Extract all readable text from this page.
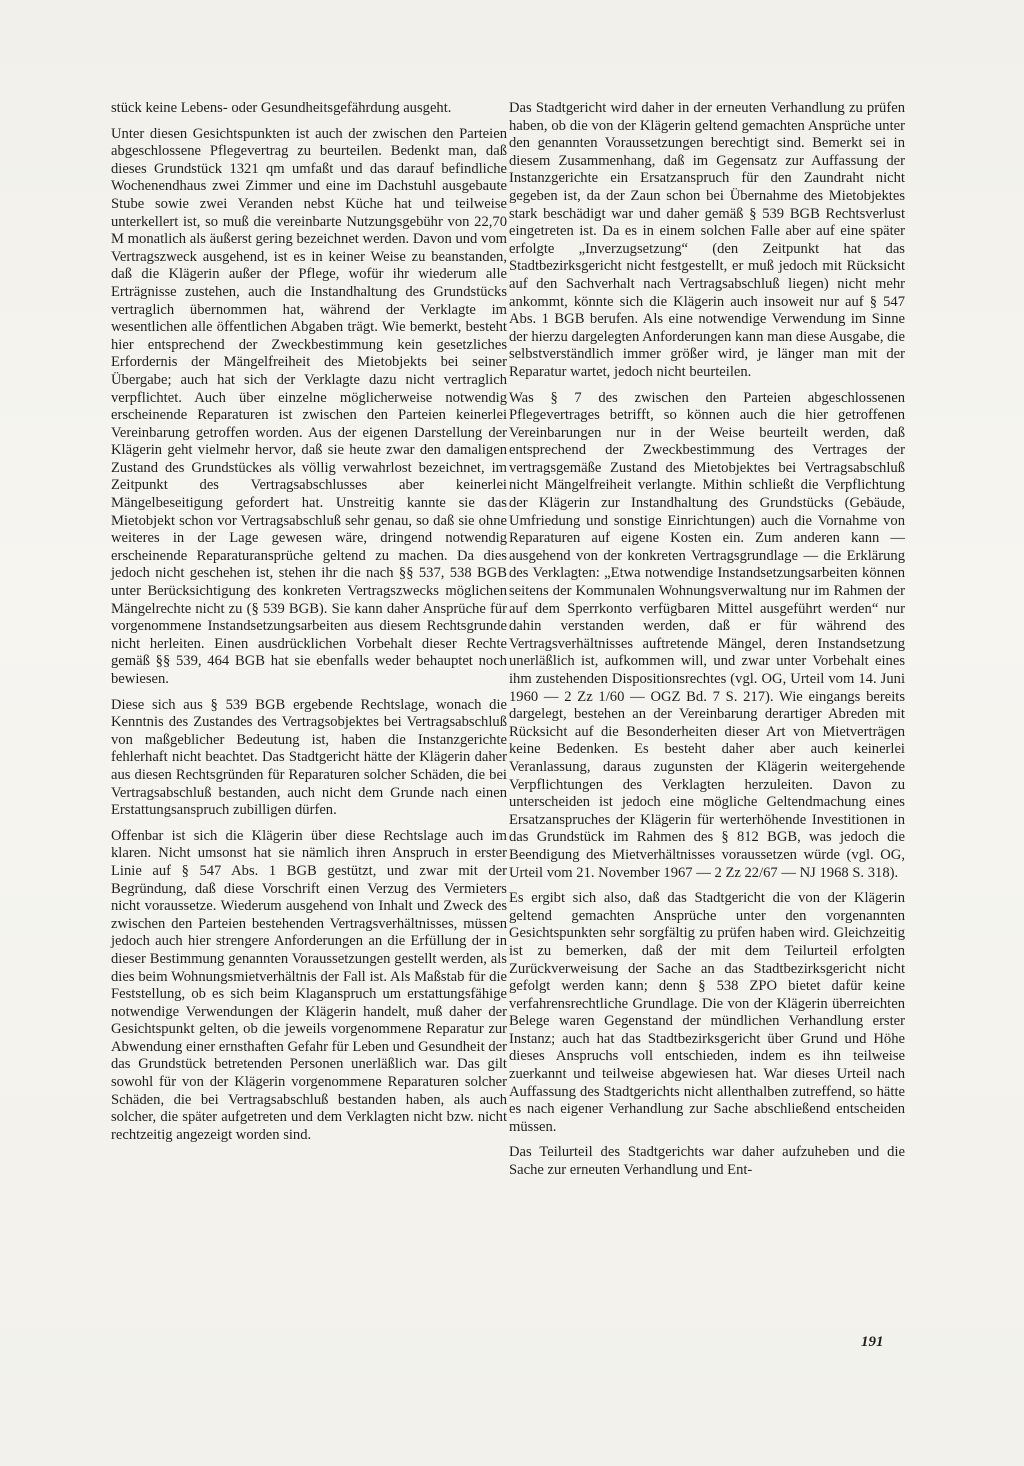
stück keine Lebens- oder Gesundheitsgefährdung ausgeht.

Unter diesen Gesichtspunkten ist auch der zwischen den Parteien abgeschlossene Pflegevertrag zu beurteilen. Bedenkt man, daß dieses Grundstück 1321 qm umfaßt und das darauf befindliche Wochenendhaus zwei Zimmer und eine im Dachstuhl ausgebaute Stube sowie zwei Veranden nebst Küche hat und teilweise unterkellert ist, so muß die vereinbarte Nutzungsgebühr von 22,70 M monatlich als äußerst gering bezeichnet werden. Davon und vom Vertragszweck ausgehend, ist es in keiner Weise zu beanstanden, daß die Klägerin außer der Pflege, wofür ihr wiederum alle Erträgnisse zustehen, auch die Instandhaltung des Grundstücks vertraglich übernommen hat, während der Verklagte im wesentlichen alle öffentlichen Abgaben trägt. Wie bemerkt, besteht hier entsprechend der Zweckbestimmung kein gesetzliches Erfordernis der Mängelfreiheit des Mietobjekts bei seiner Übergabe; auch hat sich der Verklagte dazu nicht vertraglich verpflichtet. Auch über einzelne möglicherweise notwendig erscheinende Reparaturen ist zwischen den Parteien keinerlei Vereinbarung getroffen worden. Aus der eigenen Darstellung der Klägerin geht vielmehr hervor, daß sie heute zwar den damaligen Zustand des Grundstückes als völlig verwahrlost bezeichnet, im Zeitpunkt des Vertragsabschlusses aber keinerlei Mängelbeseitigung gefordert hat. Unstreitig kannte sie das Mietobjekt schon vor Vertragsabschluß sehr genau, so daß sie ohne weiteres in der Lage gewesen wäre, dringend notwendig erscheinende Reparaturansprüche geltend zu machen. Da dies jedoch nicht geschehen ist, stehen ihr die nach §§ 537, 538 BGB unter Berücksichtigung des konkreten Vertragszwecks möglichen Mängelrechte nicht zu (§ 539 BGB). Sie kann daher Ansprüche für vorgenommene Instandsetzungsarbeiten aus diesem Rechtsgrunde nicht herleiten. Einen ausdrücklichen Vorbehalt dieser Rechte gemäß §§ 539, 464 BGB hat sie ebenfalls weder behauptet noch bewiesen.

Diese sich aus § 539 BGB ergebende Rechtslage, wonach die Kenntnis des Zustandes des Vertragsobjektes bei Vertragsabschluß von maßgeblicher Bedeutung ist, haben die Instanzgerichte fehlerhaft nicht beachtet. Das Stadtgericht hätte der Klägerin daher aus diesen Rechtsgründen für Reparaturen solcher Schäden, die bei Vertragsabschluß bestanden, auch nicht dem Grunde nach einen Erstattungsanspruch zubilligen dürfen.

Offenbar ist sich die Klägerin über diese Rechtslage auch im klaren. Nicht umsonst hat sie nämlich ihren Anspruch in erster Linie auf § 547 Abs. 1 BGB gestützt, und zwar mit der Begründung, daß diese Vorschrift einen Verzug des Vermieters nicht voraussetze. Wiederum ausgehend von Inhalt und Zweck des zwischen den Parteien bestehenden Vertragsverhältnisses, müssen jedoch auch hier strengere Anforderungen an die Erfüllung der in dieser Bestimmung genannten Voraussetzungen gestellt werden, als dies beim Wohnungsmietverhältnis der Fall ist. Als Maßstab für die Feststellung, ob es sich beim Klaganspruch um erstattungsfähige notwendige Verwendungen der Klägerin handelt, muß daher der Gesichtspunkt gelten, ob die jeweils vorgenommene Reparatur zur Abwendung einer ernsthaften Gefahr für Leben und Gesundheit der das Grundstück betretenden Personen unerläßlich war. Das gilt sowohl für von der Klägerin vorgenommene Reparaturen solcher Schäden, die bei Vertragsabschluß bestanden haben, als auch solcher, die später aufgetreten und dem Verklagten nicht bzw. nicht rechtzeitig angezeigt worden sind.

Das Stadtgericht wird daher in der erneuten Verhandlung zu prüfen haben, ob die von der Klägerin geltend gemachten Ansprüche unter den genannten Voraussetzungen berechtigt sind. Bemerkt sei in diesem Zusammenhang, daß im Gegensatz zur Auffassung der Instanzgerichte ein Ersatzanspruch für den Zaundraht nicht gegeben ist, da der Zaun schon bei Übernahme des Mietobjektes stark beschädigt war und daher gemäß § 539 BGB Rechtsverlust eingetreten ist. Da es in einem solchen Falle aber auf eine später erfolgte „Inverzugsetzung“ (den Zeitpunkt hat das Stadtbezirksgericht nicht festgestellt, er muß jedoch mit Rücksicht auf den Sachverhalt nach Vertragsabschluß liegen) nicht mehr ankommt, könnte sich die Klägerin auch insoweit nur auf § 547 Abs. 1 BGB berufen. Als eine notwendige Verwendung im Sinne der hierzu dargelegten Anforderungen kann man diese Ausgabe, die selbstverständlich immer größer wird, je länger man mit der Reparatur wartet, jedoch nicht beurteilen.

Was § 7 des zwischen den Parteien abgeschlossenen Pflegevertrages betrifft, so können auch die hier getroffenen Vereinbarungen nur in der Weise beurteilt werden, daß entsprechend der Zweckbestimmung des Vertrages der vertragsgemäße Zustand des Mietobjektes bei Vertragsabschluß nicht Mängelfreiheit verlangte. Mithin schließt die Verpflichtung der Klägerin zur Instandhaltung des Grundstücks (Gebäude, Umfriedung und sonstige Einrichtungen) auch die Vornahme von Reparaturen auf eigene Kosten ein. Zum anderen kann — ausgehend von der konkreten Vertragsgrundlage — die Erklärung des Verklagten: „Etwa notwendige Instandsetzungsarbeiten können seitens der Kommunalen Wohnungsverwaltung nur im Rahmen der auf dem Sperrkonto verfügbaren Mittel ausgeführt werden“ nur dahin verstanden werden, daß er für während des Vertragsverhältnisses auftretende Mängel, deren Instandsetzung unerläßlich ist, aufkommen will, und zwar unter Vorbehalt eines ihm zustehenden Dispositionsrechtes (vgl. OG, Urteil vom 14. Juni 1960 — 2 Zz 1/60 — OGZ Bd. 7 S. 217). Wie eingangs bereits dargelegt, bestehen an der Vereinbarung derartiger Abreden mit Rücksicht auf die Besonderheiten dieser Art von Mietverträgen keine Bedenken. Es besteht daher aber auch keinerlei Veranlassung, daraus zugunsten der Klägerin weitergehende Verpflichtungen des Verklagten herzuleiten. Davon zu unterscheiden ist jedoch eine mögliche Geltendmachung eines Ersatzanspruches der Klägerin für werterhöhende Investitionen in das Grundstück im Rahmen des § 812 BGB, was jedoch die Beendigung des Mietverhältnisses voraussetzen würde (vgl. OG, Urteil vom 21. November 1967 — 2 Zz 22/67 — NJ 1968 S. 318).

Es ergibt sich also, daß das Stadtgericht die von der Klägerin geltend gemachten Ansprüche unter den vorgenannten Gesichtspunkten sehr sorgfältig zu prüfen haben wird. Gleichzeitig ist zu bemerken, daß der mit dem Teilurteil erfolgten Zurückverweisung der Sache an das Stadtbezirksgericht nicht gefolgt werden kann; denn § 538 ZPO bietet dafür keine verfahrensrechtliche Grundlage. Die von der Klägerin überreichten Belege waren Gegenstand der mündlichen Verhandlung erster Instanz; auch hat das Stadtbezirksgericht über Grund und Höhe dieses Anspruchs voll entschieden, indem es ihn teilweise zuerkannt und teilweise abgewiesen hat. War dieses Urteil nach Auffassung des Stadtgerichts nicht allenthalben zutreffend, so hätte es nach eigener Verhandlung zur Sache abschließend entscheiden müssen.

Das Teilurteil des Stadtgerichts war daher aufzuheben und die Sache zur erneuten Verhandlung und Ent-

191
